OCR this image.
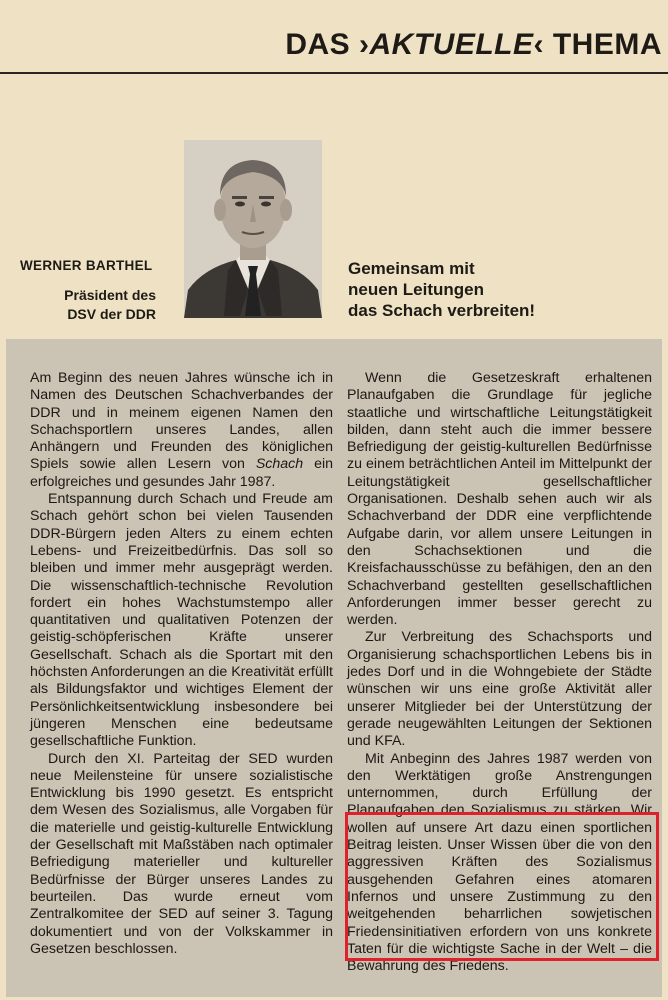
DAS ›AKTUELLE‹ THEMA
WERNER BARTHEL
Präsident des
DSV der DDR
Gemeinsam mit
neuen Leitungen
das Schach verbreiten!

Am Beginn des neuen Jahres wünsche ich in Namen des Deutschen Schachverbandes der DDR und in meinem eigenen Namen den Schachsportlern unseres Landes, allen Anhängern und Freunden des königlichen Spiels sowie allen Lesern von Schach ein erfolgreiches und gesundes Jahr 1987.

Entspannung durch Schach und Freude am Schach gehört schon bei vielen Tausenden DDR-Bürgern jeden Alters zu einem echten Lebens- und Freizeitbedürfnis. Das soll so bleiben und immer mehr ausgeprägt werden. Die wissenschaftlich-technische Revolution fordert ein hohes Wachstumstempo aller quantitativen und qualitativen Potenzen der geistig-schöpferischen Kräfte unserer Gesellschaft. Schach als die Sportart mit den höchsten Anforderungen an die Kreativität erfüllt als Bildungsfaktor und wichtiges Element der Persönlichkeitsentwicklung insbesondere bei jüngeren Menschen eine bedeutsame gesellschaftliche Funktion.

Durch den XI. Parteitag der SED wurden neue Meilensteine für unsere sozialistische Entwicklung bis 1990 gesetzt. Es entspricht dem Wesen des Sozialismus, alle Vorgaben für die materielle und geistig-kulturelle Entwicklung der Gesellschaft mit Maßstäben nach optimaler Befriedigung materieller und kultureller Bedürfnisse der Bürger unseres Landes zu beurteilen. Das wurde erneut vom Zentralkomitee der SED auf seiner 3. Tagung dokumentiert und von der Volkskammer in Gesetzen beschlossen.

Wenn die Gesetzeskraft erhaltenen Planaufgaben die Grundlage für jegliche staatliche und wirtschaftliche Leitungstätigkeit bilden, dann steht auch die immer bessere Befriedigung der geistig-kulturellen Bedürfnisse zu einem beträchtlichen Anteil im Mittelpunkt der Leitungstätigkeit gesellschaftlicher Organisationen. Deshalb sehen auch wir als Schachverband der DDR eine verpflichtende Aufgabe darin, vor allem unsere Leitungen in den Schachsektionen und die Kreisfachausschüsse zu befähigen, den an den Schachverband gestellten gesellschaftlichen Anforderungen immer besser gerecht zu werden.

Zur Verbreitung des Schachsports und Organisierung schachsportlichen Lebens bis in jedes Dorf und in die Wohngebiete der Städte wünschen wir uns eine große Aktivität aller unserer Mitglieder bei der Unterstützung der gerade neugewählten Leitungen der Sektionen und KFA.

Mit Anbeginn des Jahres 1987 werden von den Werktätigen große Anstrengungen unternommen, durch Erfüllung der Planaufgaben den Sozialismus zu stärken. Wir wollen auf unsere Art dazu einen sportlichen Beitrag leisten. Unser Wissen über die von den aggressiven Kräften des Sozialismus ausgehenden Gefahren eines atomaren Infernos und unsere Zustimmung zu den weitgehenden beharrlichen sowjetischen Friedensinitiativen erfordern von uns konkrete Taten für die wichtigste Sache in der Welt – die Bewahrung des Friedens.
